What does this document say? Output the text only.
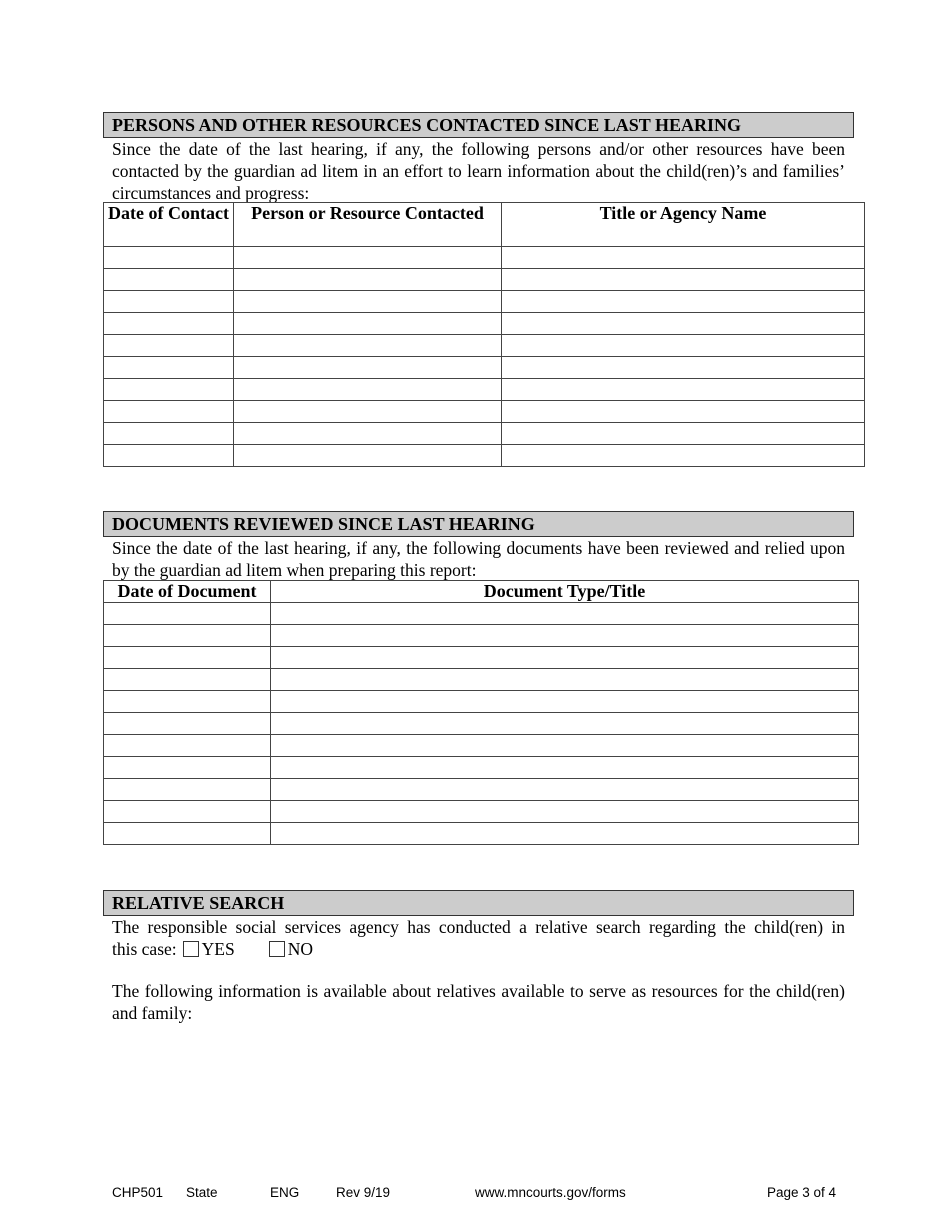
PERSONS AND OTHER RESOURCES CONTACTED SINCE LAST HEARING
Since the date of the last hearing, if any, the following persons and/or other resources have been contacted by the guardian ad litem in an effort to learn information about the child(ren)’s and families’ circumstances and progress:
Date of Contact	Person or Resource Contacted	Title or Agency Name

DOCUMENTS REVIEWED SINCE LAST HEARING
Since the date of the last hearing, if any, the following documents have been reviewed and relied upon by the guardian ad litem when preparing this report:
Date of Document	Document Type/Title

RELATIVE SEARCH
The responsible social services agency has conducted a relative search regarding the child(ren) in
this case: YES	NO
The following information is available about relatives available to serve as resources for the child(ren) and family:
CHP501 State	ENG	Rev 9/19	www.mncourts.gov/forms	Page 3 of 4
